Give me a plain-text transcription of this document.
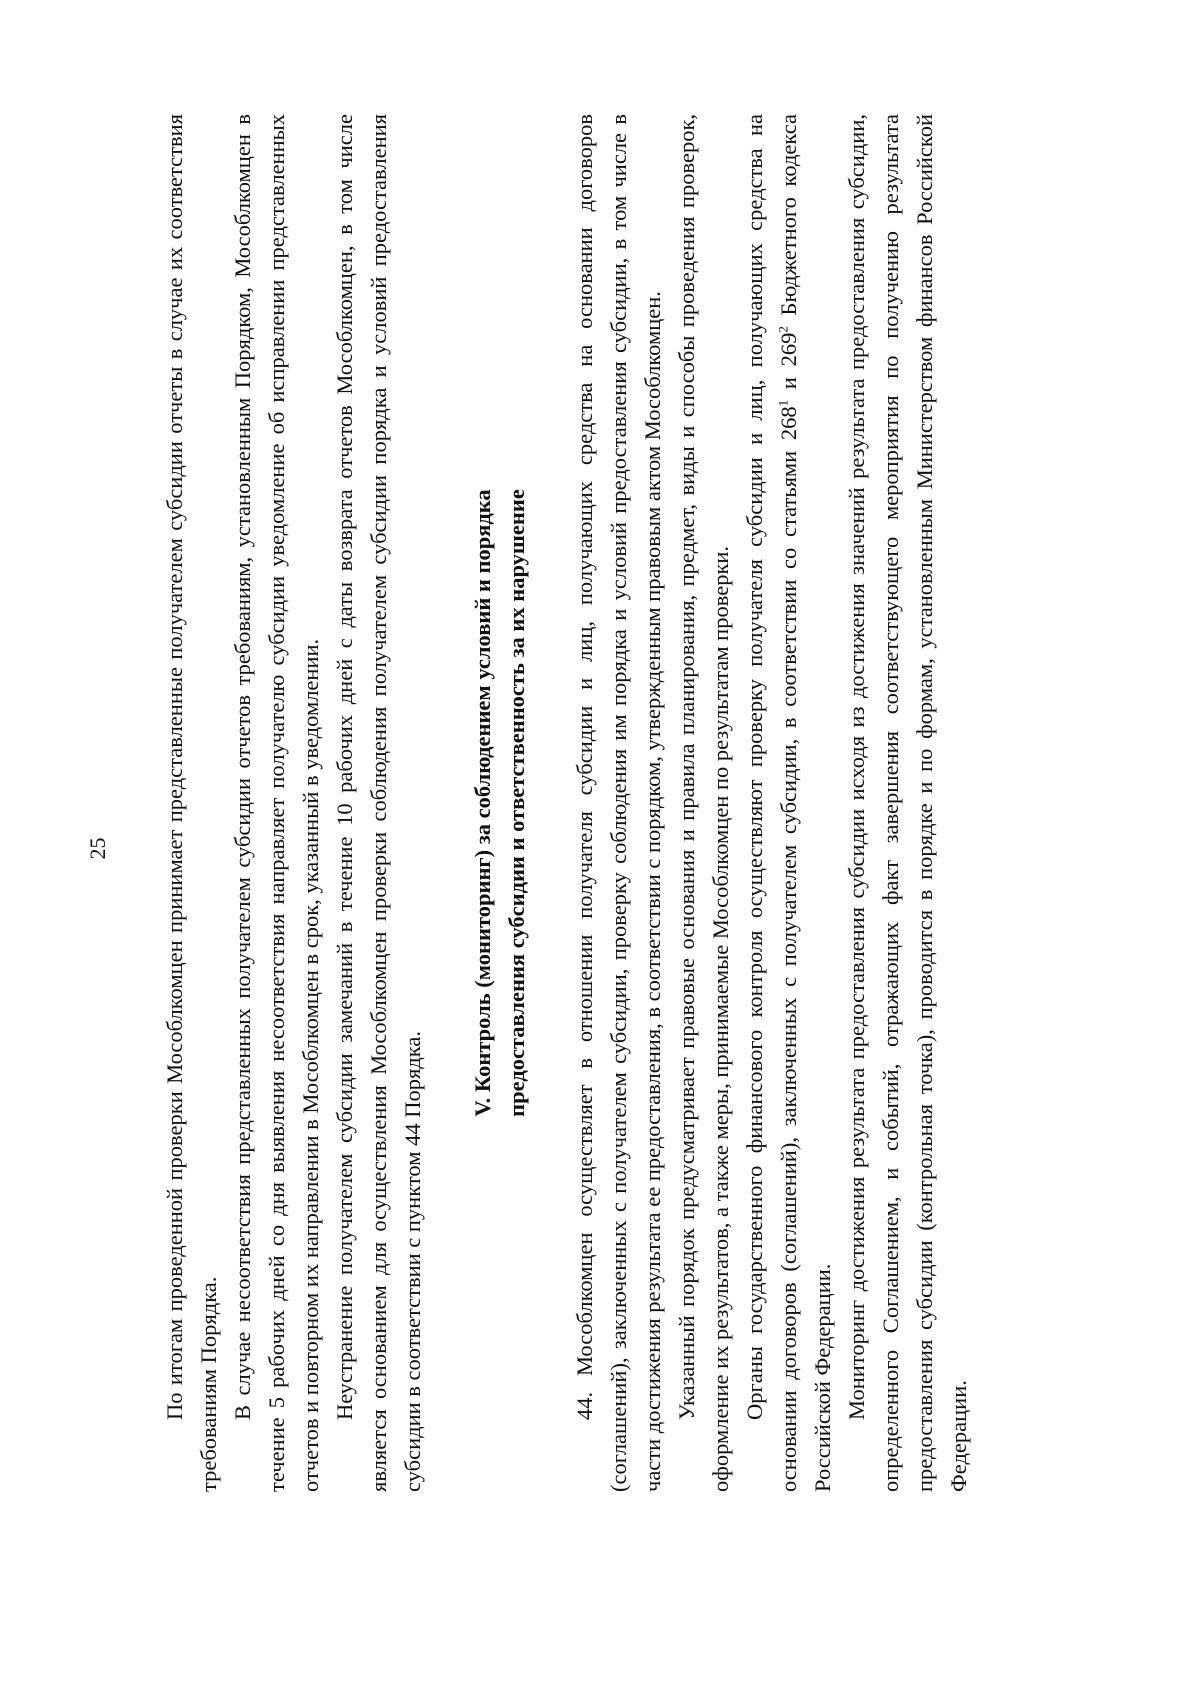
25 По итогам проведенной проверки Мособлкомцен принимает представленные получателем субсидии отчеты в случае их соответствия требованиям Порядка. В случае несоответствия представленных получателем субсидии отчетов требованиям, установленным Порядком, Мособлкомцен в течение 5 рабочих дней со дня выявления несоответствия направляет получателю субсидии уведомление об исправлении представленных отчетов и повторном их направлении в Мособлкомцен в срок, указанный в уведомлении. Неустранение получателем субсидии замечаний в течение 10 рабочих дней с даты возврата отчетов Мособлкомцен, в том числе является основанием для осуществления Мособлкомцен проверки соблюдения получателем субсидии порядка и условий предоставления субсидии в соответствии с пунктом 44 Порядка.

V. Контроль (мониторинг) за соблюдением условий и порядка предоставления субсидии и ответственность за их нарушение 44. Мособлкомцен осуществляет в отношении получателя субсидии и лиц, получающих средства на основании договоров (соглашений), заключенных с получателем субсидии, проверку соблюдения им порядка и условий предоставления субсидии, в том числе в части достижения результата ее предоставления, в соответствии с порядком, утвержденным правовым актом Мособлкомцен. Указанный порядок предусматривает правовые основания и правила планирования, предмет, виды и способы проведения проверок, оформление их результатов, а также меры, принимаемые Мособлкомцен по результатам проверки. Органы государственного финансового контроля осуществляют проверку получателя субсидии и лиц, получающих средства на основании договоров (соглашений), заключенных с получателем субсидии, в соответствии со статьями $268^1$ и $269^2$ Бюджетного кодекса Российской Федерации. Мониторинг достижения результата предоставления субсидии исходя из достижения значений результата предоставления субсидии, определенного Соглашением, и событий, отражающих факт завершения соответствующего мероприятия по получению результата предоставления субсидии (контрольная точка), проводится в порядке и по формам, установленным Министерством финансов Российской Федерации.
